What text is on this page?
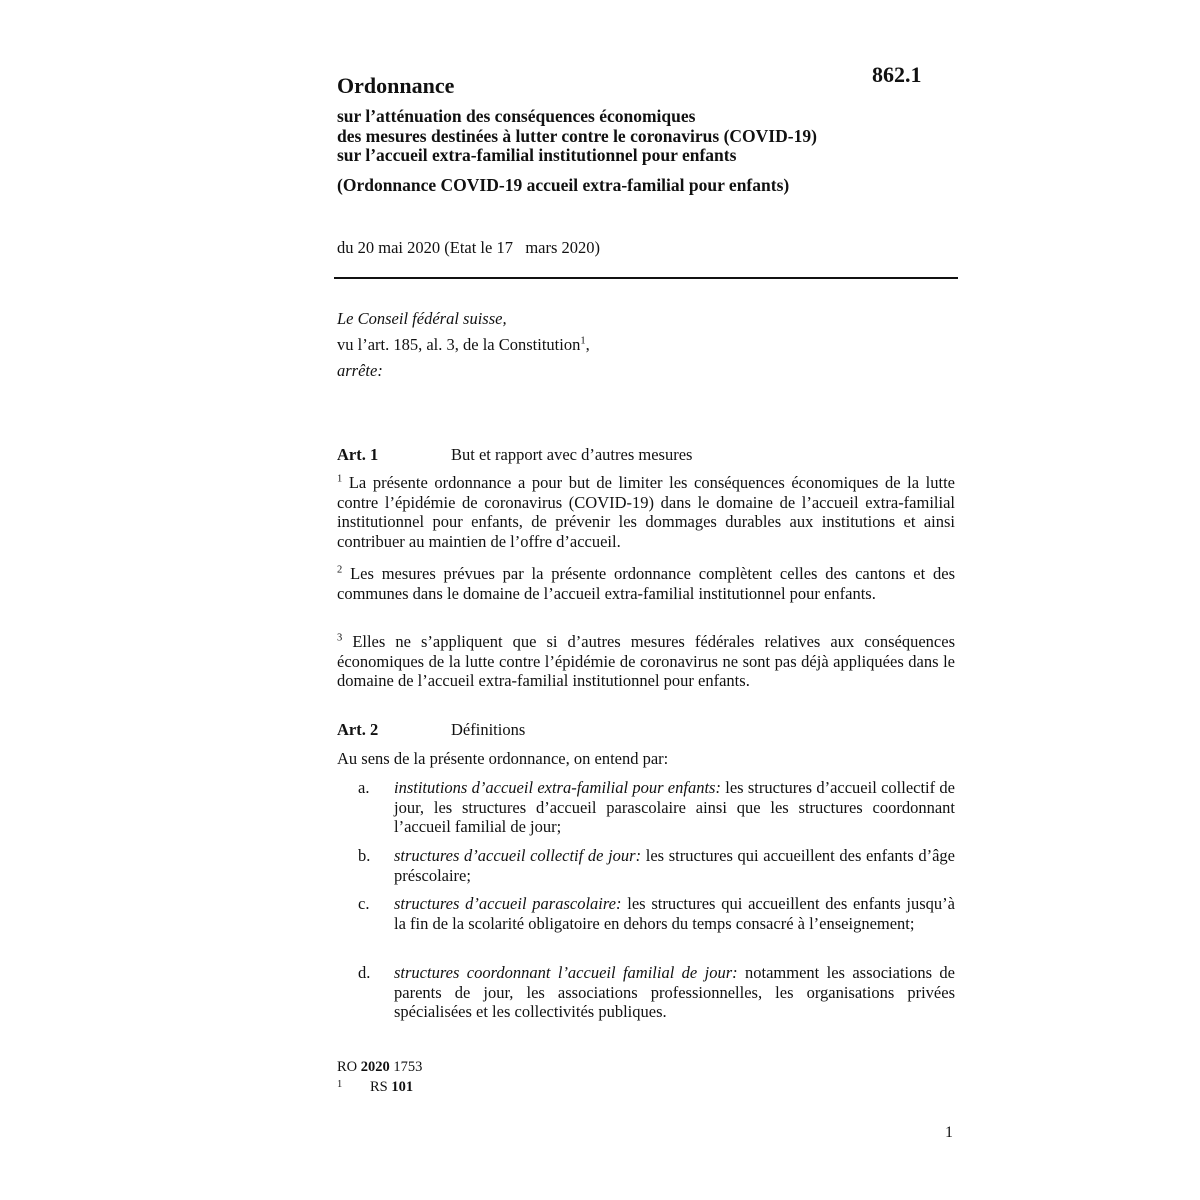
862.1
Ordonnance
sur l’atténuation des conséquences économiques
des mesures destinées à lutter contre le coronavirus (COVID-19)
sur l’accueil extra-familial institutionnel pour enfants
(Ordonnance COVID-19 accueil extra-familial pour enfants)
du 20 mai 2020 (Etat le 17   mars 2020)
Le Conseil fédéral suisse,
vu l’art. 185, al. 3, de la Constitution$^1$,
arrête:
Art. 1	But et rapport avec d’autres mesures
$^1$ La présente ordonnance a pour but de limiter les conséquences économiques de la lutte contre l’épidémie de coronavirus (COVID-19) dans le domaine de l’accueil extra-familial institutionnel pour enfants, de prévenir les dommages durables aux institutions et ainsi contribuer au maintien de l’offre d’accueil.
$^2$ Les mesures prévues par la présente ordonnance complètent celles des cantons et des communes dans le domaine de l’accueil extra-familial institutionnel pour enfants.
$^3$ Elles ne s’appliquent que si d’autres mesures fédérales relatives aux conséquences économiques de la lutte contre l’épidémie de coronavirus ne sont pas déjà appliquées dans le domaine de l’accueil extra-familial institutionnel pour enfants.
Art. 2	Définitions
Au sens de la présente ordonnance, on entend par:
a. institutions d’accueil extra-familial pour enfants: les structures d’accueil collectif de jour, les structures d’accueil parascolaire ainsi que les structures coordonnant l’accueil familial de jour;
b. structures d’accueil collectif de jour: les structures qui accueillent des enfants d’âge préscolaire;
c. structures d’accueil parascolaire: les structures qui accueillent des enfants jusqu’à la fin de la scolarité obligatoire en dehors du temps consacré à l’enseignement;
d. structures coordonnant l’accueil familial de jour: notamment les associations de parents de jour, les associations professionnelles, les organisations privées spécialisées et les collectivités publiques.
RO 2020 1753
1 RS 101
1
